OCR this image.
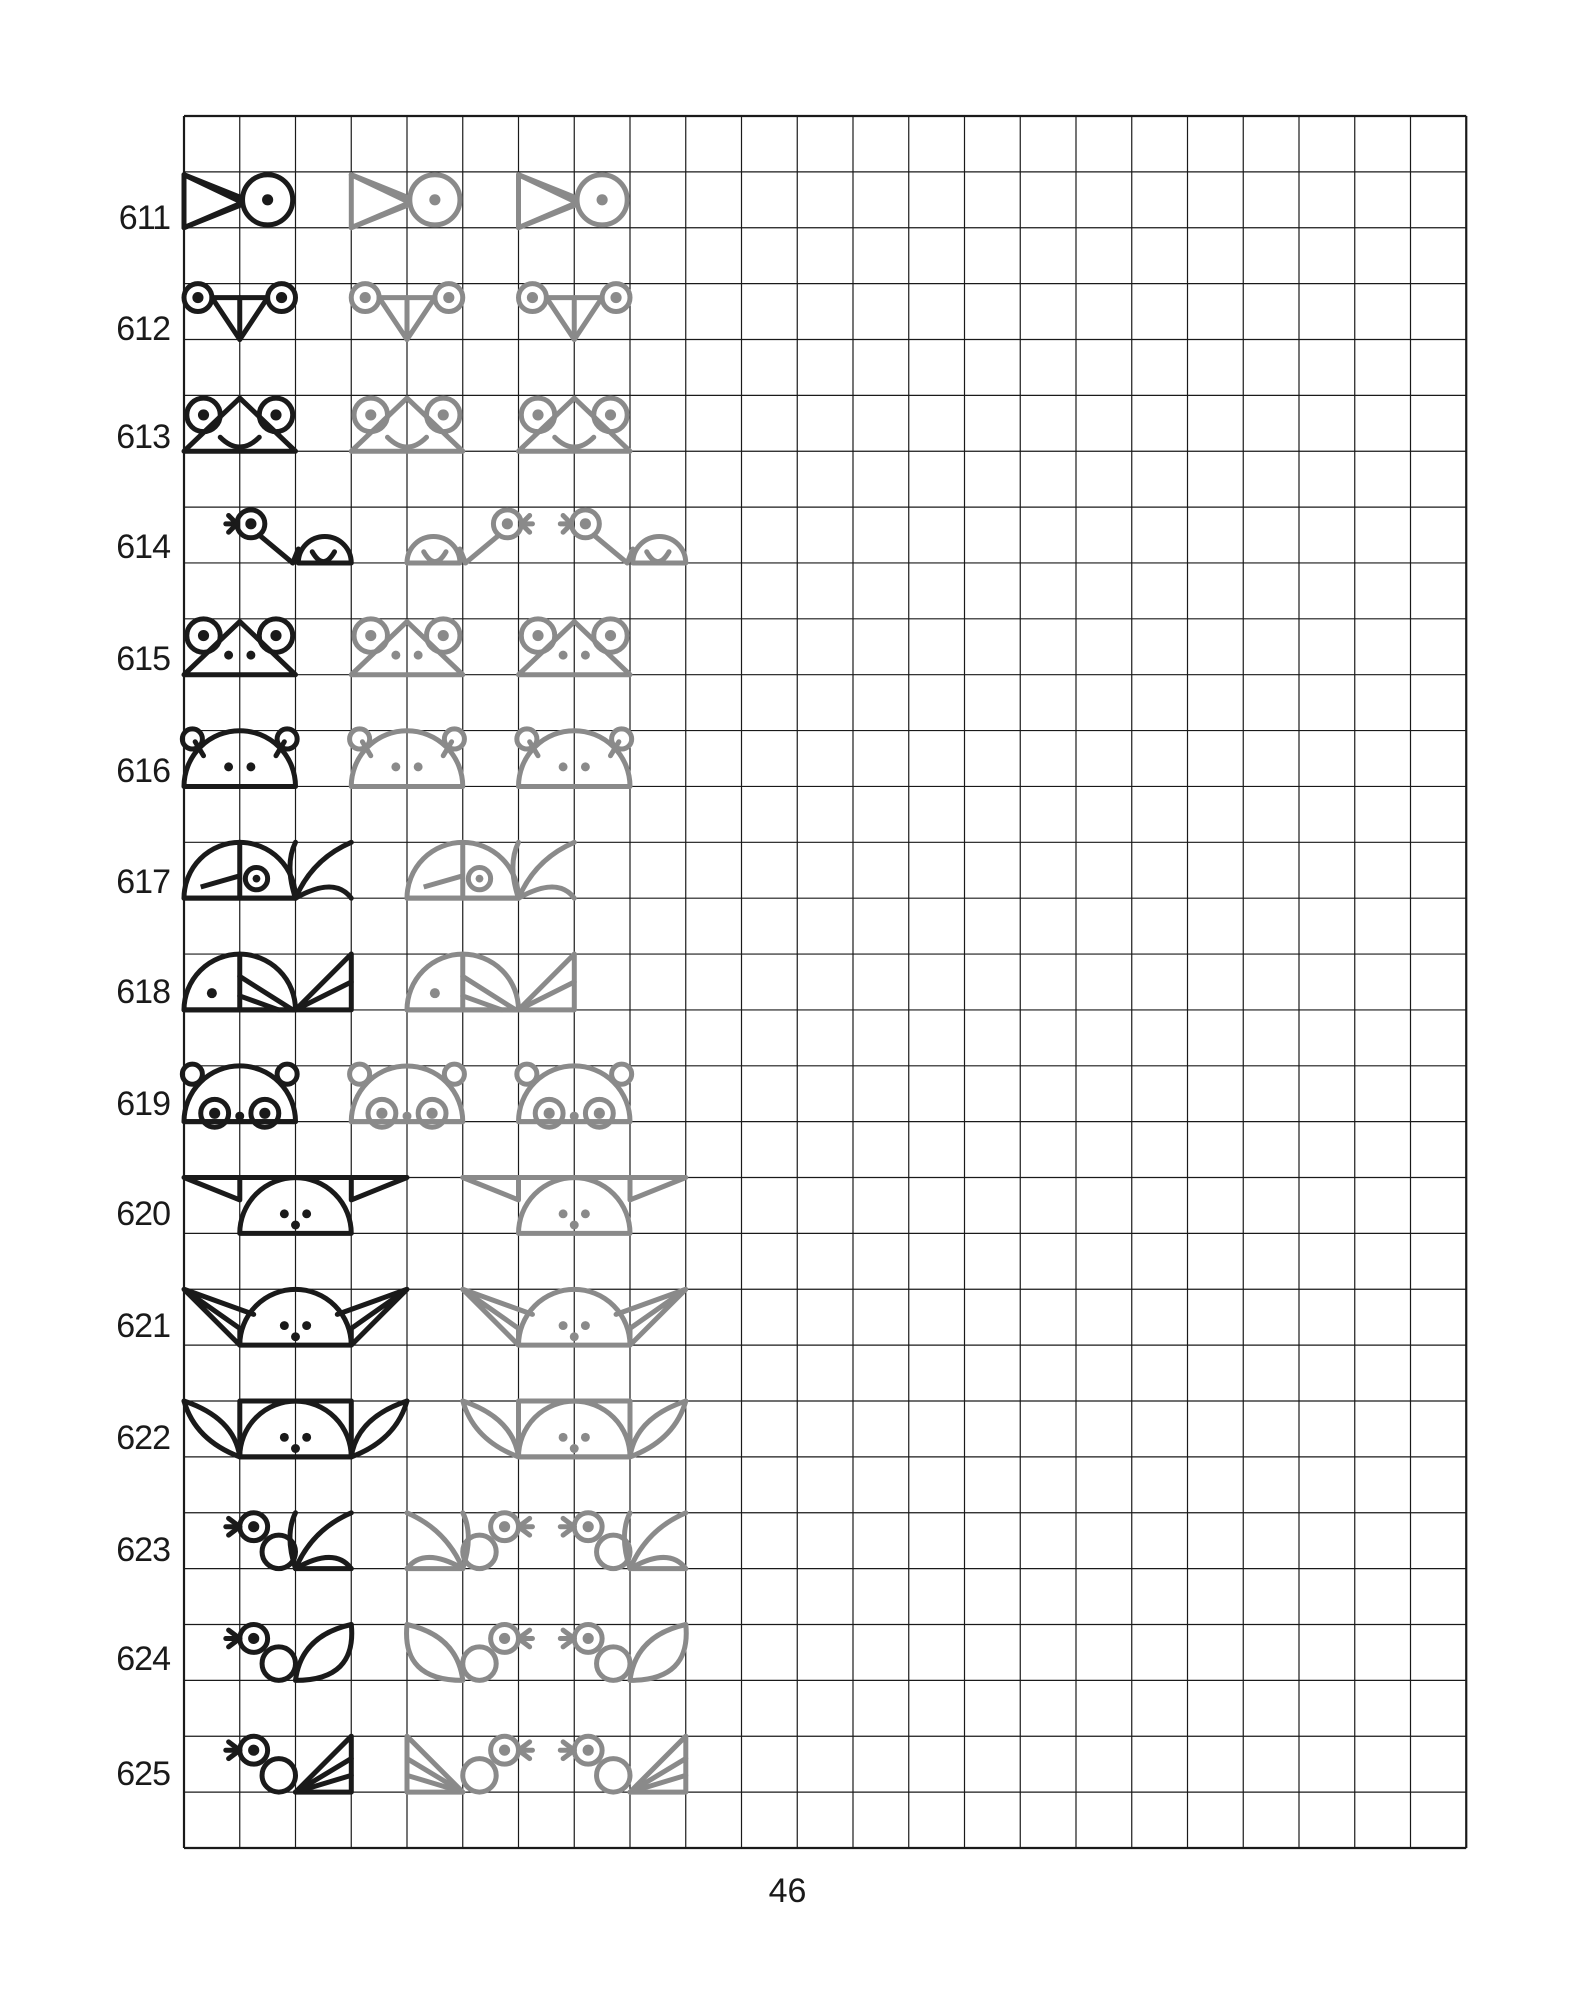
611
612
613
614
615
616
617
618
619
620
621
622
623
624
625
46
